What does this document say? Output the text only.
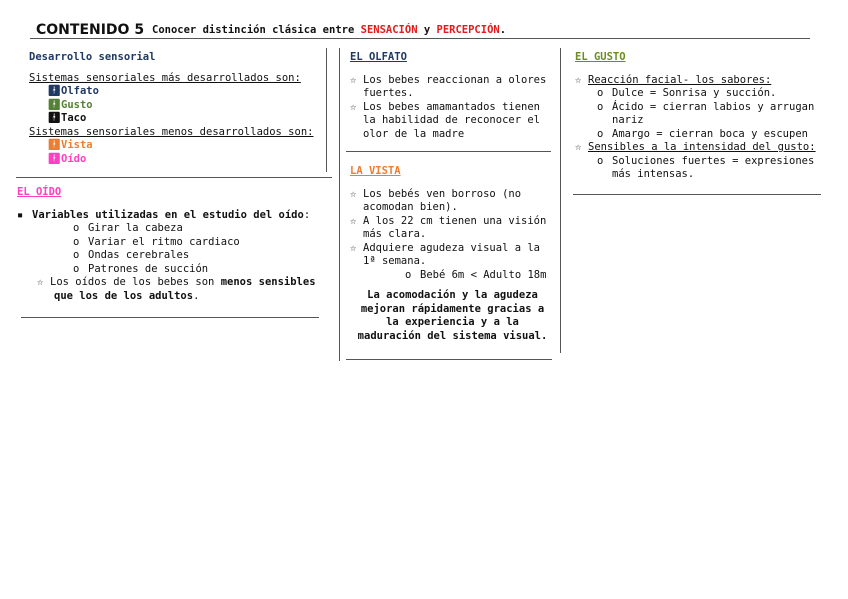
CONTENIDO 5 Conocer distinción clásica entre SENSACIÓN y PERCEPCIÓN.
Desarrollo sensorial
Sistemas sensoriales más desarrollados son:
🚹︎Olfato
🚹︎Gusto
🚹︎Taco
Sistemas sensoriales menos desarrollados son:
🚹︎Vista
🚹︎Oído
EL OÍDO
▪ Variables utilizadas en el estudio del oído:
o Girar la cabeza
o Variar el ritmo cardiaco
o Ondas cerebrales
o Patrones de succión
☆ Los oídos de los bebes son menos sensibles
que los de los adultos.
EL OLFATO
☆ Los bebes reaccionan a olores
fuertes.
☆ Los bebes amamantados tienen
la habilidad de reconocer el
olor de la madre
LA VISTA
☆ Los bebés ven borroso (no
acomodan bien).
☆ A los 22 cm tienen una visión
más clara.
☆ Adquiere agudeza visual a la
1ª semana.
o Bebé 6m < Adulto 18m
La acomodación y la agudeza
mejoran rápidamente gracias a
la experiencia y a la
maduración del sistema visual.
EL GUSTO
☆ Reacción facial- los sabores:
o Dulce = Sonrisa y succión.
o Ácido = cierran labios y arrugan
nariz
o Amargo = cierran boca y escupen
☆ Sensibles a la intensidad del gusto:
o Soluciones fuertes = expresiones
más intensas.
